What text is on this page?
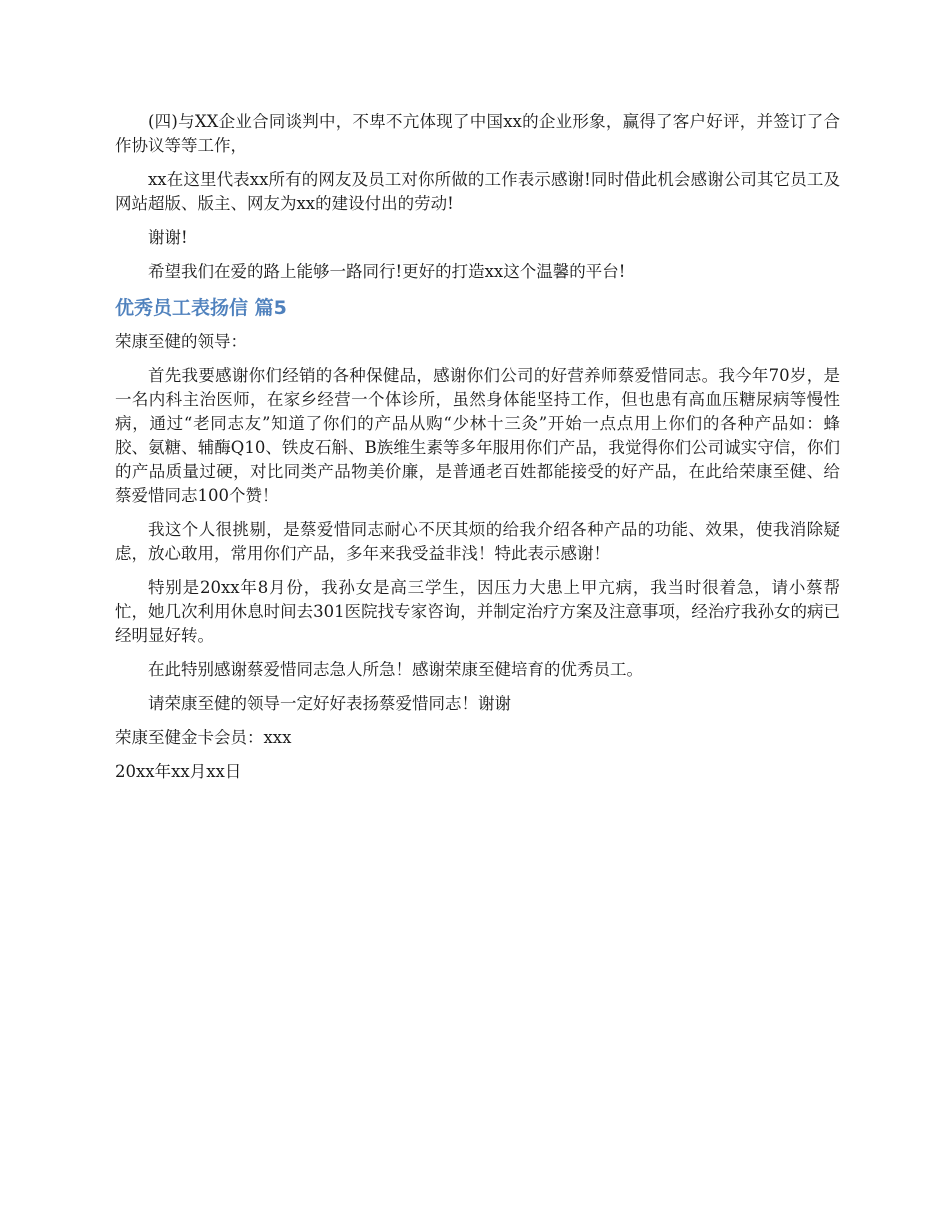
(四)与XX企业合同谈判中，不卑不亢体现了中国xx的企业形象，赢得了客户好评，并签订了合作协议等等工作，

xx在这里代表xx所有的网友及员工对你所做的工作表示感谢!同时借此机会感谢公司其它员工及网站超版、版主、网友为xx的建设付出的劳动!

谢谢!

希望我们在爱的路上能够一路同行!更好的打造xx这个温馨的平台!

优秀员工表扬信 篇5

荣康至健的领导：

首先我要感谢你们经销的各种保健品，感谢你们公司的好营养师蔡爱惜同志。我今年70岁，是一名内科主治医师，在家乡经营一个体诊所，虽然身体能坚持工作，但也患有高血压糖尿病等慢性病，通过“老同志友”知道了你们的产品从购“少林十三灸”开始一点点用上你们的各种产品如：蜂胶、氨糖、辅酶Q10、铁皮石斛、B族维生素等多年服用你们产品，我觉得你们公司诚实守信，你们的产品质量过硬，对比同类产品物美价廉，是普通老百姓都能接受的好产品，在此给荣康至健、给蔡爱惜同志100个赞！

我这个人很挑剔，是蔡爱惜同志耐心不厌其烦的给我介绍各种产品的功能、效果，使我消除疑虑，放心敢用，常用你们产品，多年来我受益非浅！特此表示感谢！

特别是20xx年8月份，我孙女是高三学生，因压力大患上甲亢病，我当时很着急，请小蔡帮忙，她几次利用休息时间去301医院找专家咨询，并制定治疗方案及注意事项，经治疗我孙女的病已经明显好转。

在此特别感谢蔡爱惜同志急人所急！感谢荣康至健培育的优秀员工。

请荣康至健的领导一定好好表扬蔡爱惜同志！谢谢

荣康至健金卡会员：xxx

20xx年xx月xx日
